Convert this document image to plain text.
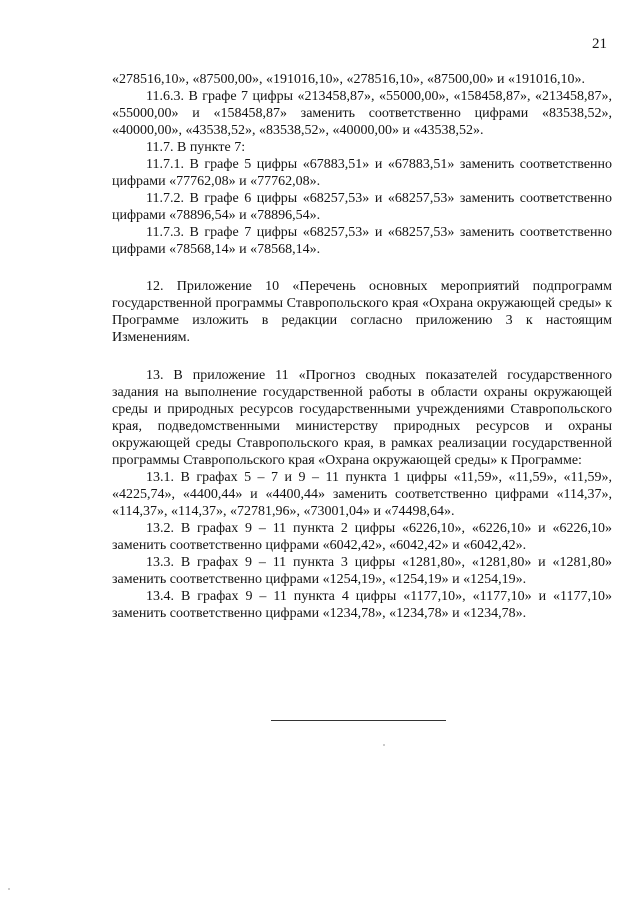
21

«278516,10», «87500,00», «191016,10», «278516,10», «87500,00» и «191016,10».

11.6.3. В графе 7 цифры «213458,87», «55000,00», «158458,87», «213458,87», «55000,00» и «158458,87» заменить соответственно цифрами «83538,52», «40000,00», «43538,52», «83538,52», «40000,00» и «43538,52».

11.7. В пункте 7:

11.7.1. В графе 5 цифры «67883,51» и «67883,51» заменить соответственно цифрами «77762,08» и «77762,08».

11.7.2. В графе 6 цифры «68257,53» и «68257,53» заменить соответственно цифрами «78896,54» и «78896,54».

11.7.3. В графе 7 цифры «68257,53» и «68257,53» заменить соответственно цифрами «78568,14» и «78568,14».

12. Приложение 10 «Перечень основных мероприятий подпрограмм государственной программы Ставропольского края «Охрана окружающей среды» к Программе изложить в редакции согласно приложению 3 к настоящим Изменениям.

13. В приложение 11 «Прогноз сводных показателей государственного задания на выполнение государственной работы в области охраны окружающей среды и природных ресурсов государственными учреждениями Ставропольского края, подведомственными министерству природных ресурсов и охраны окружающей среды Ставропольского края, в рамках реализации государственной программы Ставропольского края «Охрана окружающей среды» к Программе:

13.1. В графах 5 – 7 и 9 – 11 пункта 1 цифры «11,59», «11,59», «11,59», «4225,74», «4400,44» и «4400,44» заменить соответственно цифрами «114,37», «114,37», «114,37», «72781,96», «73001,04» и «74498,64».

13.2. В графах 9 – 11 пункта 2 цифры «6226,10», «6226,10» и «6226,10» заменить соответственно цифрами «6042,42», «6042,42» и «6042,42».

13.3. В графах 9 – 11 пункта 3 цифры «1281,80», «1281,80» и «1281,80» заменить соответственно цифрами «1254,19», «1254,19» и «1254,19».

13.4. В графах 9 – 11 пункта 4 цифры «1177,10», «1177,10» и «1177,10» заменить соответственно цифрами «1234,78», «1234,78» и «1234,78».
